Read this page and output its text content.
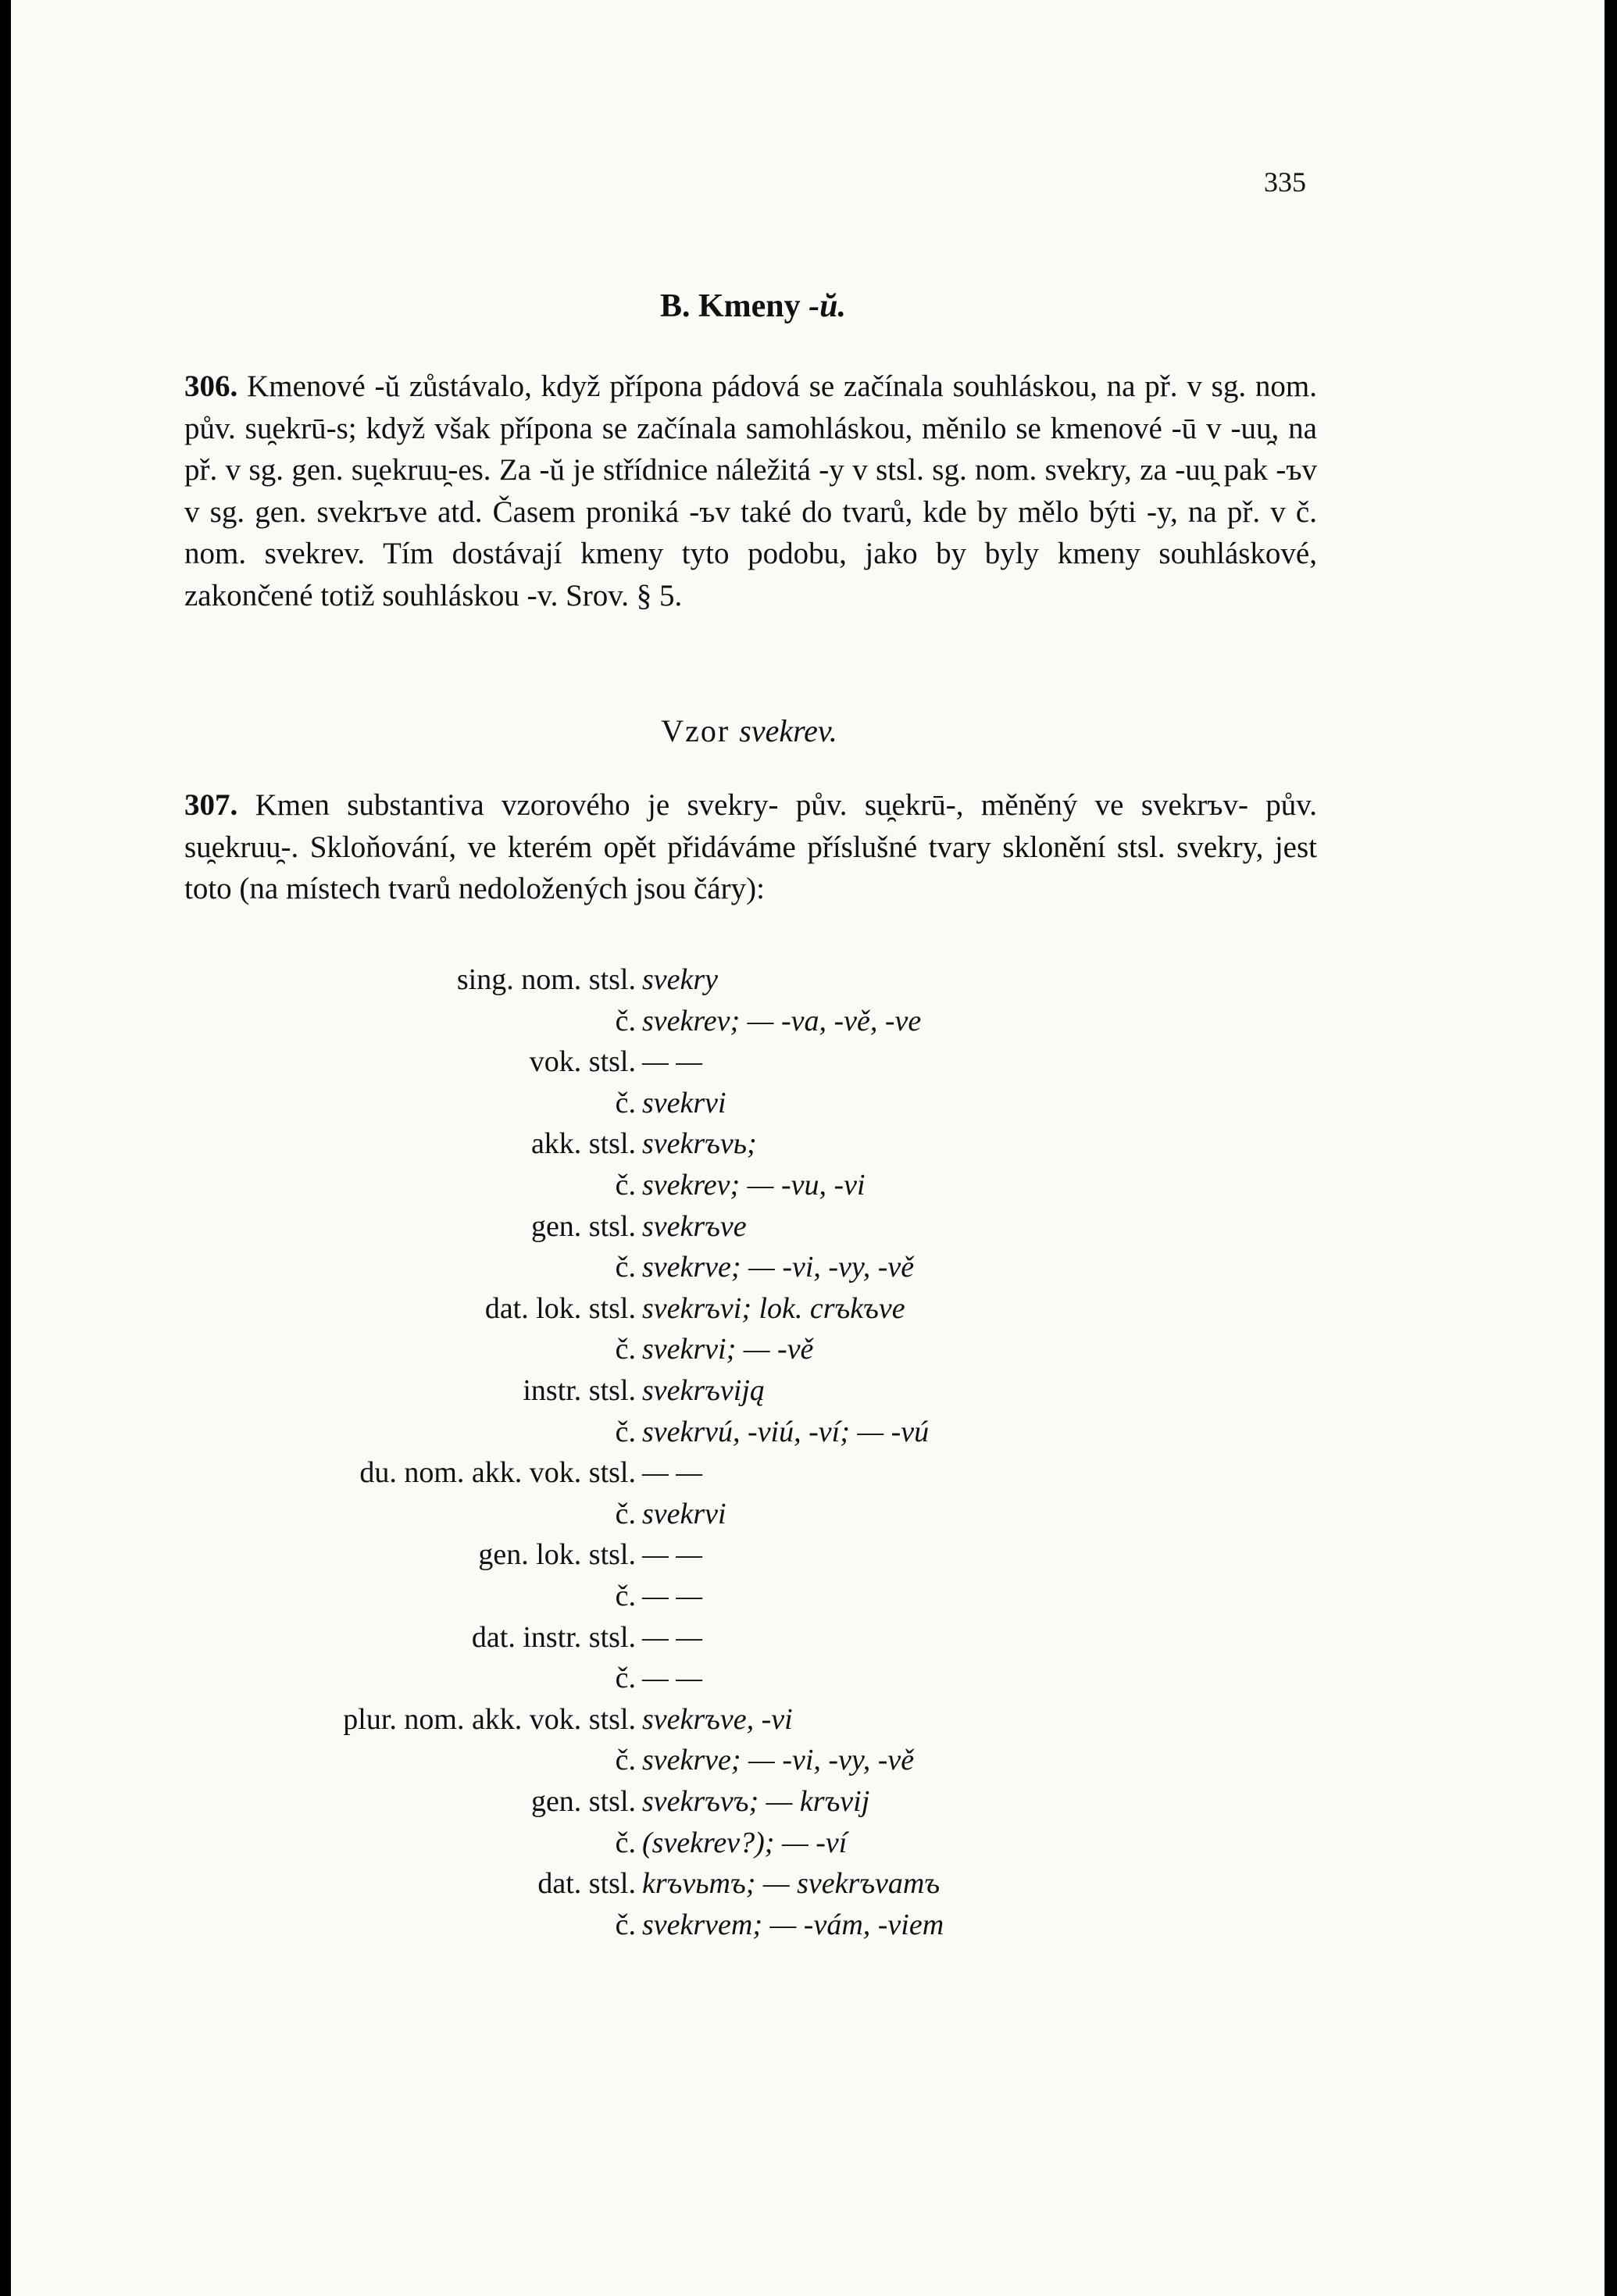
335
B. Kmeny -ŭ.
306. Kmenové -ŭ zůstávalo, když přípona pádová se začínala souhláskou, na př. v sg. nom. pův. su̯ekrū-s; když však přípona se začínala samohláskou, měnilo se kmenové -ū v -uu̯, na př. v sg. gen. su̯ekruu̯-es. Za -ŭ je střídnice náležitá -y v stsl. sg. nom. svekry, za -uu̯ pak -ъv v sg. gen. svekrъve atd. Časem proniká -ъv také do tvarů, kde by mělo býti -y, na př. v č. nom. svekrev. Tím dostávají kmeny tyto podobu, jako by byly kmeny souhláskové, zakončené totiž souhláskou -v. Srov. § 5.
Vzor svekrev.
307. Kmen substantiva vzorového je svekry- pův. su̯ekrū-, měněný ve svekrъv- pův. su̯ekruu̯-. Skloňování, ve kterém opět přidáváme příslušné tvary sklonění stsl. svekry, jest toto (na místech tvarů nedoložených jsou čáry):
sing. nom. stsl. svekry
č. svekrev; — -va, -vě, -ve
vok. stsl. — —
č. svekrvi
akk. stsl. svekrъvь;
č. svekrev; — -vu, -vi
gen. stsl. svekrъve
č. svekrve; — -vi, -vy, -vě
dat. lok. stsl. svekrъvi; lok. crъkъve
č. svekrvi; — -vě
instr. stsl. svekrъviją
č. svekrvú, -viú, -ví; — -vú
du. nom. akk. vok. stsl. — —
č. svekrvi
gen. lok. stsl. — —
č. — —
dat. instr. stsl. — —
č. — —
plur. nom. akk. vok. stsl. svekrъve, -vi
č. svekrve; — -vi, -vy, -vě
gen. stsl. svekrъvъ; — krъvij
č. (svekrev?); — -ví
dat. stsl. krъvьmъ; — svekrъvamъ
č. svekrvem; — -vám, -viem
